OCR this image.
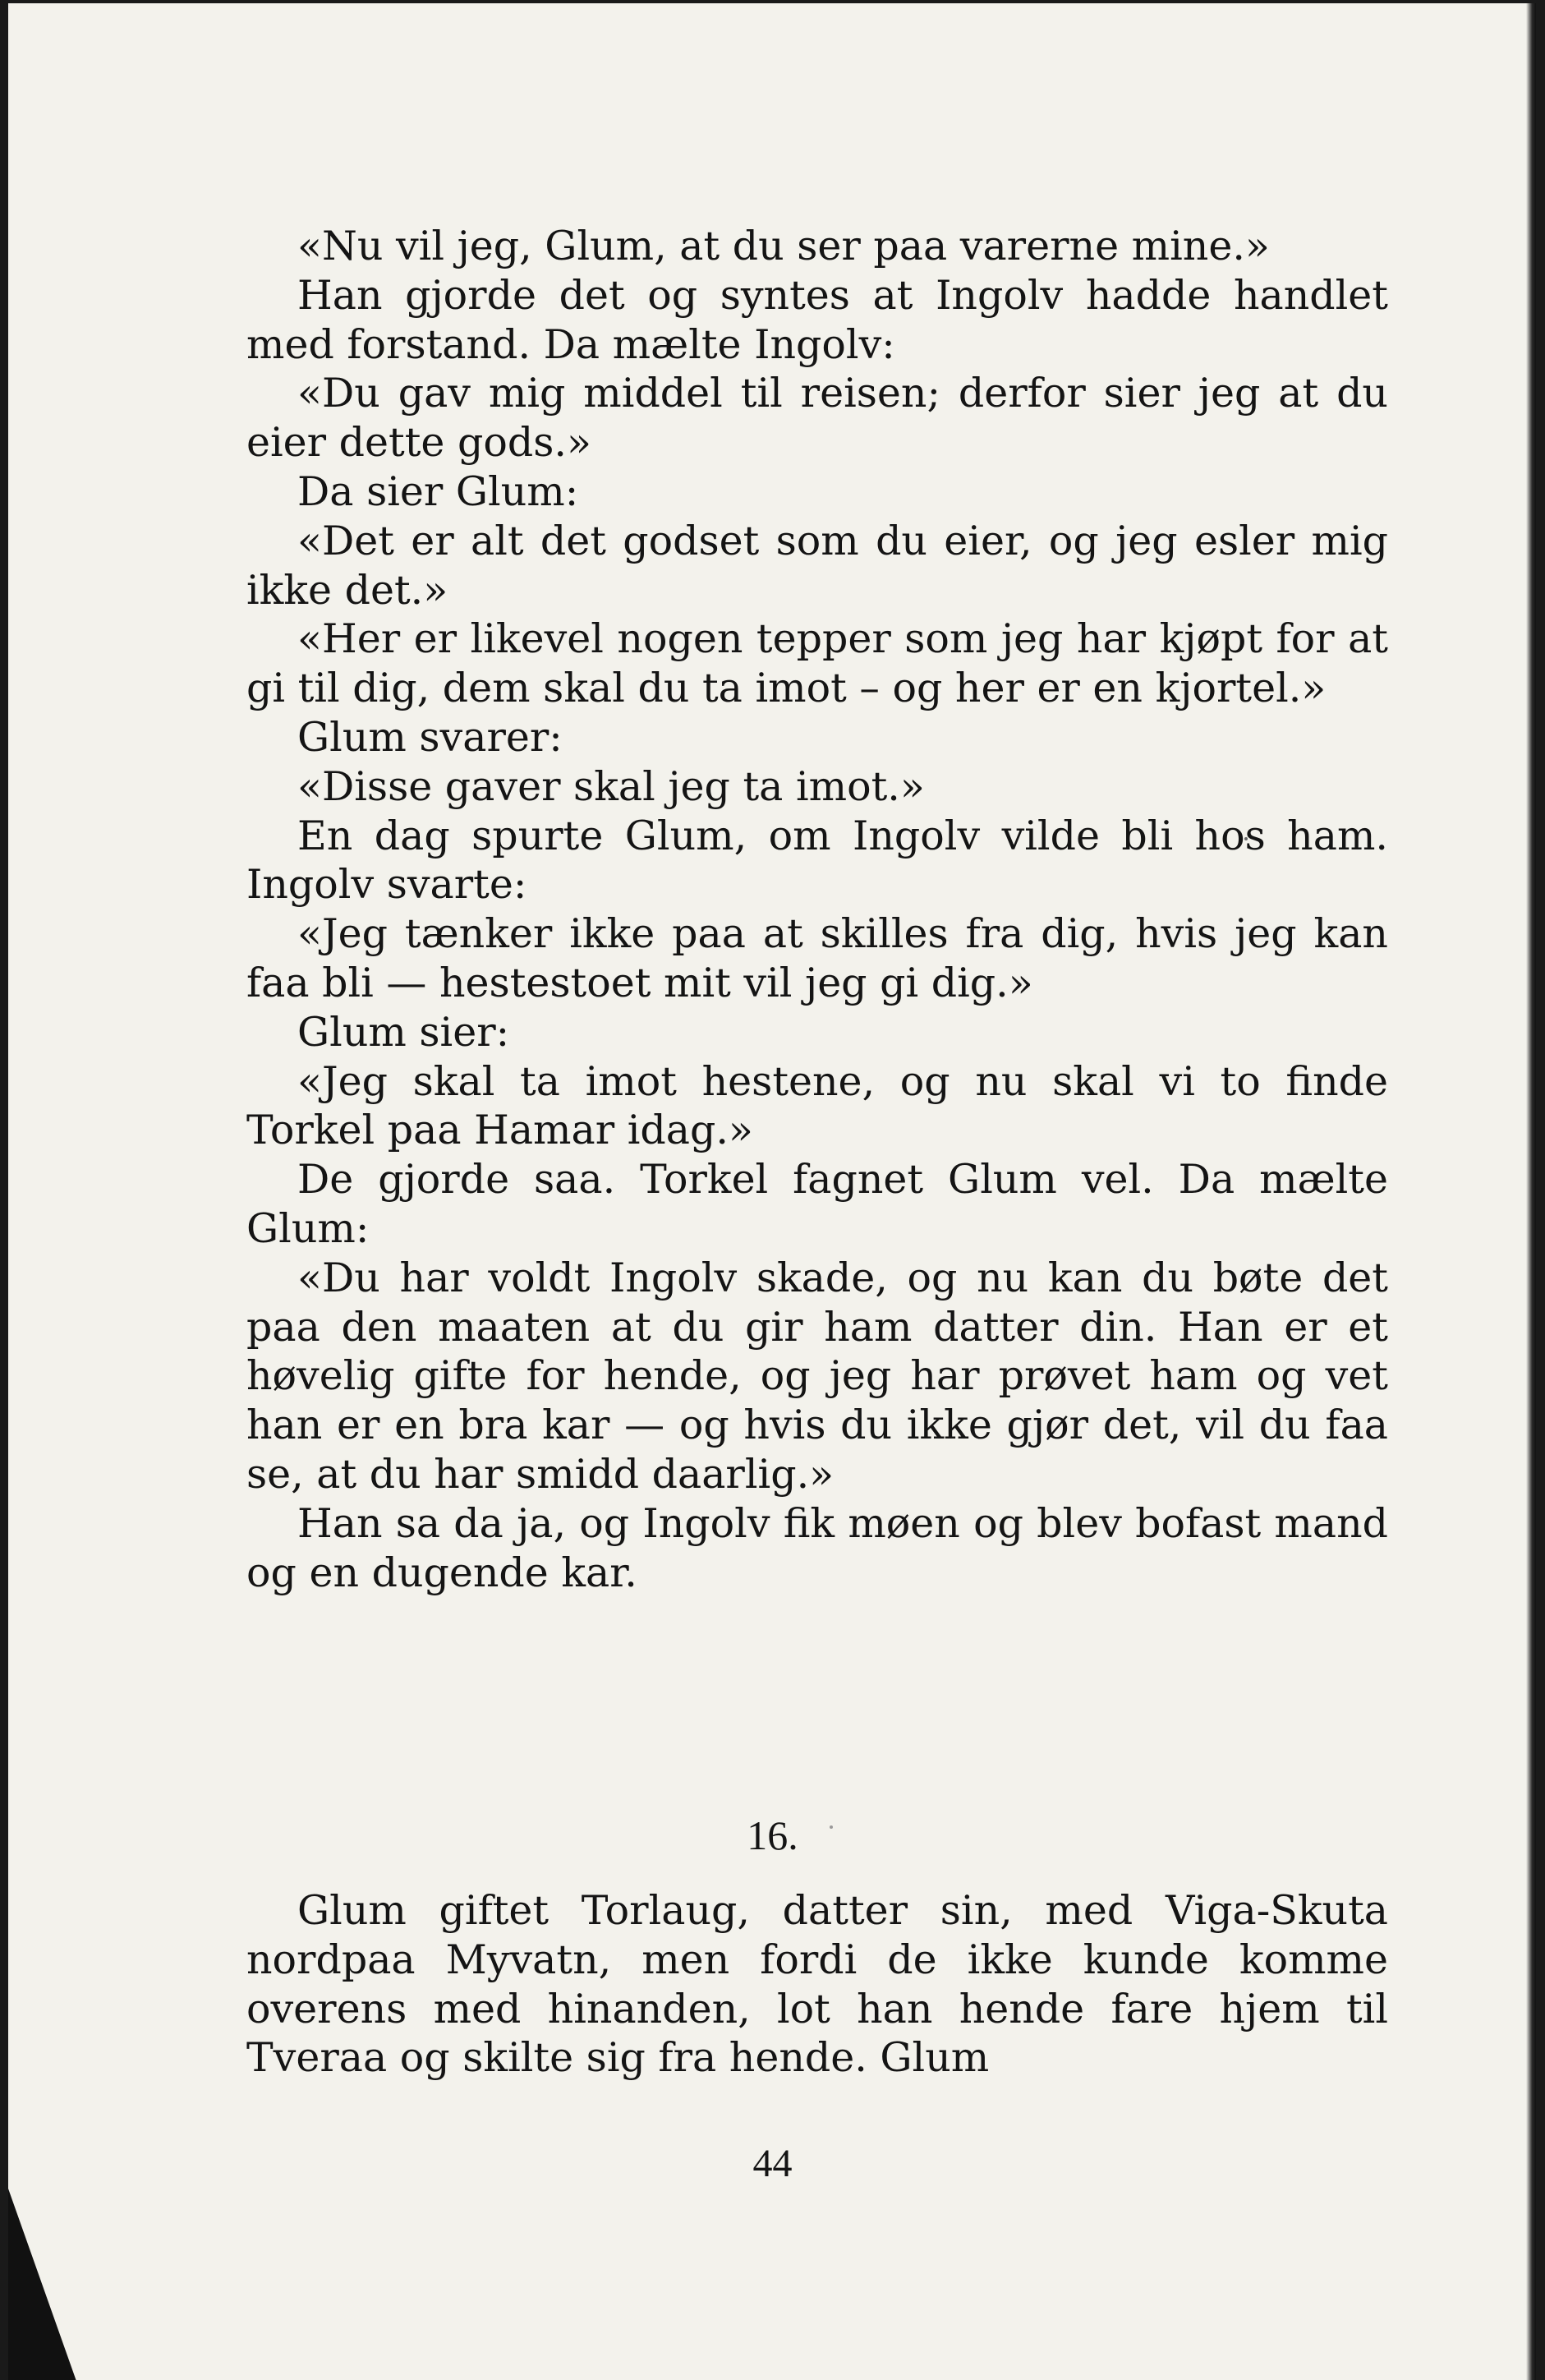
«Nu vil jeg, Glum, at du ser paa varerne mine.»

Han gjorde det og syntes at Ingolv hadde handlet med forstand. Da mælte Ingolv:

«Du gav mig middel til reisen; derfor sier jeg at du eier dette gods.»

Da sier Glum:

«Det er alt det godset som du eier, og jeg esler mig ikke det.»

«Her er likevel nogen tepper som jeg har kjøpt for at gi til dig, dem skal du ta imot – og her er en kjortel.»

Glum svarer:

«Disse gaver skal jeg ta imot.»

En dag spurte Glum, om Ingolv vilde bli hos ham. Ingolv svarte:

«Jeg tænker ikke paa at skilles fra dig, hvis jeg kan faa bli — hestestoet mit vil jeg gi dig.»

Glum sier:

«Jeg skal ta imot hestene, og nu skal vi to finde Torkel paa Hamar idag.»

De gjorde saa. Torkel fagnet Glum vel. Da mælte Glum:

«Du har voldt Ingolv skade, og nu kan du bøte det paa den maaten at du gir ham datter din. Han er et høvelig gifte for hende, og jeg har prøvet ham og vet han er en bra kar — og hvis du ikke gjør det, vil du faa se, at du har smidd daarlig.»

Han sa da ja, og Ingolv fik møen og blev bofast mand og en dugende kar.

16.

Glum giftet Torlaug, datter sin, med Viga-Skuta nordpaa Myvatn, men fordi de ikke kunde komme overens med hinanden, lot han hende fare hjem til Tveraa og skilte sig fra hende. Glum

44
